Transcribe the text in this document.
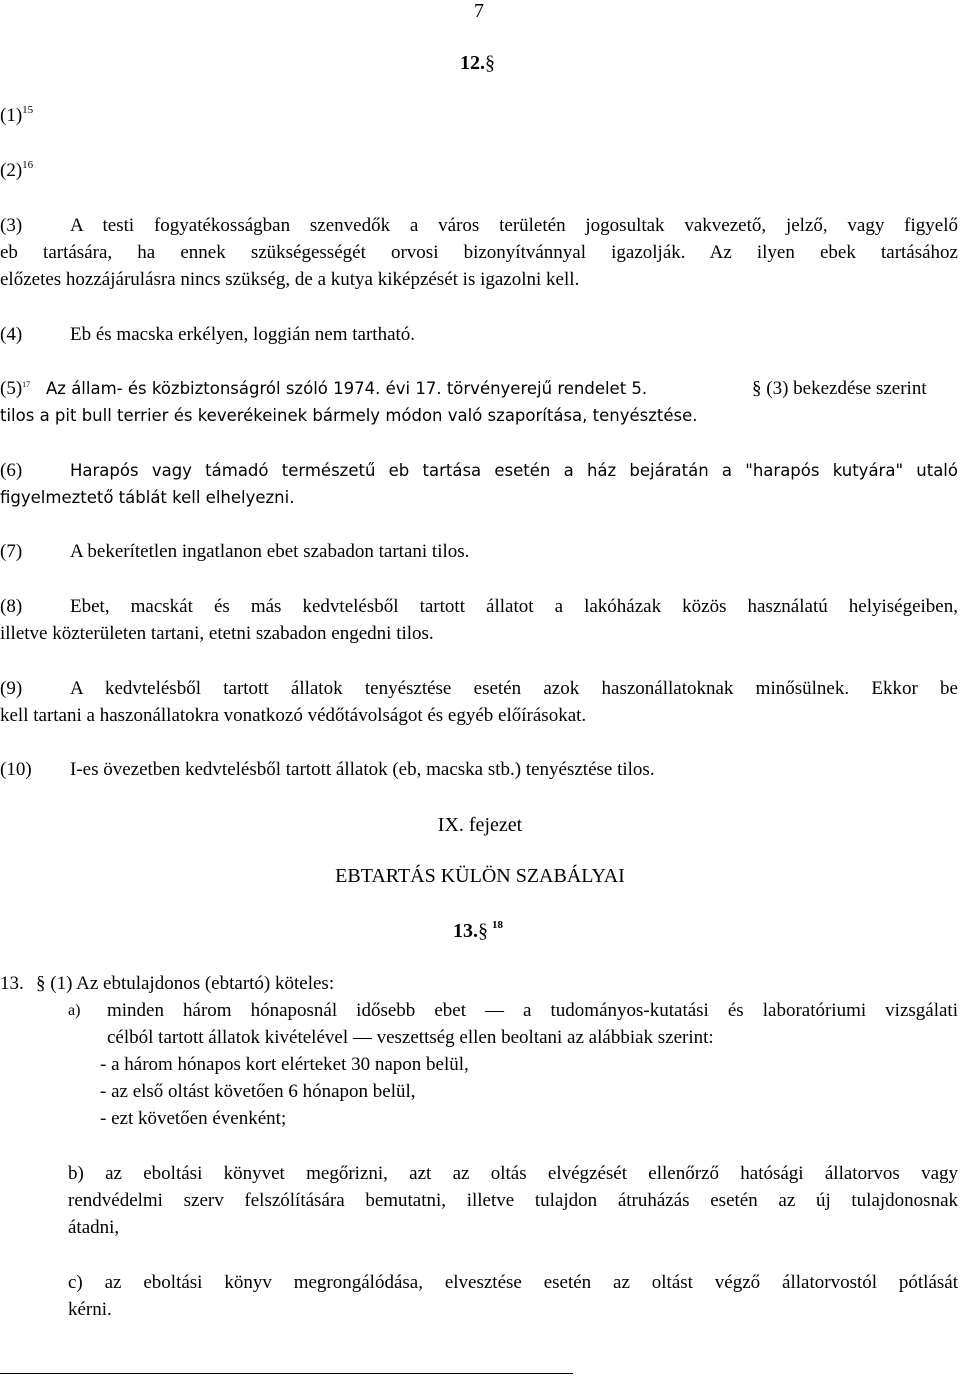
7
12.§
$(1)^{15}$
$(2)^{16}$
(3)	A testi fogyatékosságban szenvedők a város területén jogosultak vakvezető, jelző, vagy figyelő
eb tartására, ha ennek szükségességét orvosi bizonyítvánnyal igazolják. Az ilyen ebek tartásához
előzetes hozzájárulásra nincs szükség, de a kutya kiképzését is igazolni kell.
(4)	Eb és macska erkélyen, loggián nem tartható.
$(5)^{17}$ Az állam- és közbiztonságról szóló 1974. évi 17. törvényerejű rendelet 5.	§ (3) bekezdése szerint
tilos a pit bull terrier és keverékeinek bármely módon való szaporítása, tenyésztése.
(6)	Harapós vagy támadó természetű eb tartása esetén a ház bejáratán a "harapós kutyára" utaló
figyelmeztető táblát kell elhelyezni.
(7)	A bekerítetlen ingatlanon ebet szabadon tartani tilos.
(8)	Ebet, macskát és más kedvtelésből tartott állatot a lakóházak közös használatú helyiségeiben,
illetve közterületen tartani, etetni szabadon engedni tilos.
(9)	A kedvtelésből tartott állatok tenyésztése esetén azok haszonállatoknak minősülnek. Ekkor be
kell tartani a haszonállatokra vonatkozó védőtávolságot és egyéb előírásokat.
(10) I-es övezetben kedvtelésből tartott állatok (eb, macska stb.) tenyésztése tilos.
IX. fejezet
EBTARTÁS KÜLÖN SZABÁLYAI
13.§ $^{18}$
13. § (1) Az ebtulajdonos (ebtartó) köteles:
a) minden három hónaposnál idősebb ebet — a tudományos-kutatási és laboratóriumi vizsgálati
célból tartott állatok kivételével — veszettség ellen beoltani az alábbiak szerint:
- a három hónapos kort elérteket 30 napon belül,
- az első oltást követően 6 hónapon belül,
- ezt követően évenként;
b) az eboltási könyvet megőrizni, azt az oltás elvégzését ellenőrző hatósági állatorvos vagy
rendvédelmi szerv felszólítására bemutatni, illetve tulajdon átruházás esetén az új tulajdonosnak
átadni,
c) az eboltási könyv megrongálódása, elvesztése esetén az oltást végző állatorvostól pótlását
kérni.
